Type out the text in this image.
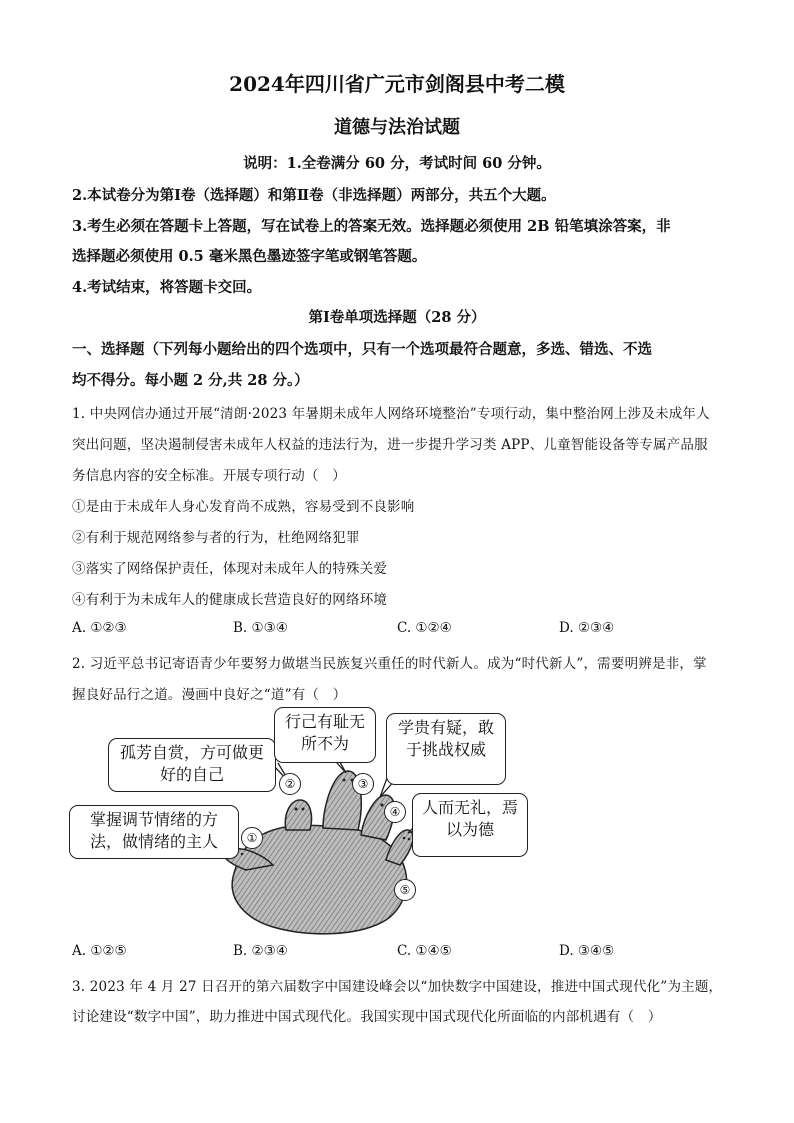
2024年四川省广元市剑阁县中考二模
道德与法治试题
说明：1.全卷满分 60 分，考试时间 60 分钟。
2.本试卷分为第Ⅰ卷（选择题）和第Ⅱ卷（非选择题）两部分，共五个大题。
3.考生必须在答题卡上答题，写在试卷上的答案无效。选择题必须使用 2B 铅笔填涂答案，非
选择题必须使用 0.5 毫米黑色墨迹签字笔或钢笔答题。
4.考试结束，将答题卡交回。
第Ⅰ卷单项选择题（28 分）
一、选择题（下列每小题给出的四个选项中，只有一个选项最符合题意，多选、错选、不选
均不得分。每小题 2 分,共 28 分。）
1. 中央网信办通过开展“清朗·2023 年暑期未成年人网络环境整治”专项行动，集中整治网上涉及未成年人
突出问题，坚决遏制侵害未成年人权益的违法行为，进一步提升学习类 APP、儿童智能设备等专属产品服
务信息内容的安全标准。开展专项行动（　）
①是由于未成年人身心发育尚不成熟，容易受到不良影响
②有利于规范网络参与者的行为，杜绝网络犯罪
③落实了网络保护责任，体现对未成年人的特殊关爱
④有利于为未成年人的健康成长营造良好的网络环境
A. ①②③	B. ①③④	C. ①②④	D. ②③④
2. 习近平总书记寄语青少年要努力做堪当民族复兴重任的时代新人。成为“时代新人”，需要明辨是非，掌
握良好品行之道。漫画中良好之“道”有（　）
掌握调节情绪的方法，做情绪的主人
孤芳自赏，方可做更好的自己
行己有耻无所不为
学贵有疑，敢于挑战权威
人而无礼，焉以为德
①
②	③
④
⑤
A. ①②⑤	B. ②③④	C. ①④⑤	D. ③④⑤
3. 2023 年 4 月 27 日召开的第六届数字中国建设峰会以“加快数字中国建设，推进中国式现代化”为主题，
讨论建设“数字中国”，助力推进中国式现代化。我国实现中国式现代化所面临的内部机遇有（　）
